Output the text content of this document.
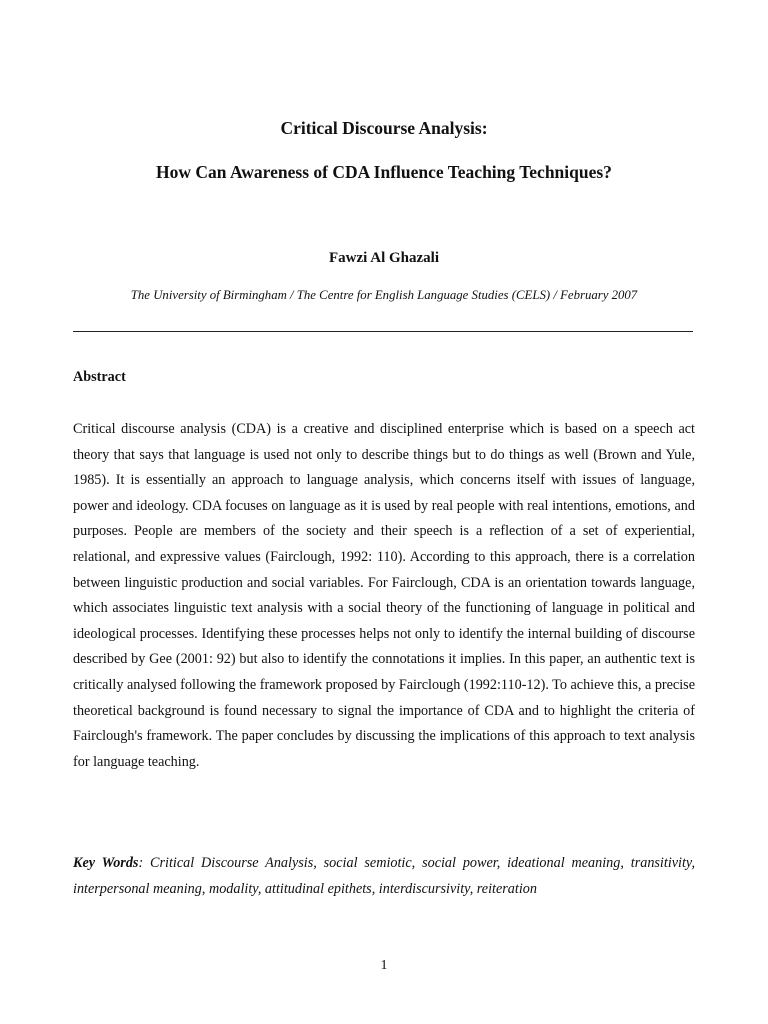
Critical Discourse Analysis:
How Can Awareness of CDA Influence Teaching Techniques?
Fawzi Al Ghazali
The University of Birmingham / The Centre for English Language Studies (CELS) / February 2007
Abstract

Critical discourse analysis (CDA) is a creative and disciplined enterprise which is based on a speech act theory that says that language is used not only to describe things but to do things as well (Brown and Yule, 1985). It is essentially an approach to language analysis, which concerns itself with issues of language, power and ideology. CDA focuses on language as it is used by real people with real intentions, emotions, and purposes. People are members of the society and their speech is a reflection of a set of experiential, relational, and expressive values (Fairclough, 1992: 110). According to this approach, there is a correlation between linguistic production and social variables. For Fairclough, CDA is an orientation towards language, which associates linguistic text analysis with a social theory of the functioning of language in political and ideological processes. Identifying these processes helps not only to identify the internal building of discourse described by Gee (2001: 92) but also to identify the connotations it implies. In this paper, an authentic text is critically analysed following the framework proposed by Fairclough (1992:110-12). To achieve this, a precise theoretical background is found necessary to signal the importance of CDA and to highlight the criteria of Fairclough's framework. The paper concludes by discussing the implications of this approach to text analysis for language teaching.

Key Words: Critical Discourse Analysis, social semiotic, social power, ideational meaning, transitivity, interpersonal meaning, modality, attitudinal epithets, interdiscursivity, reiteration

1
